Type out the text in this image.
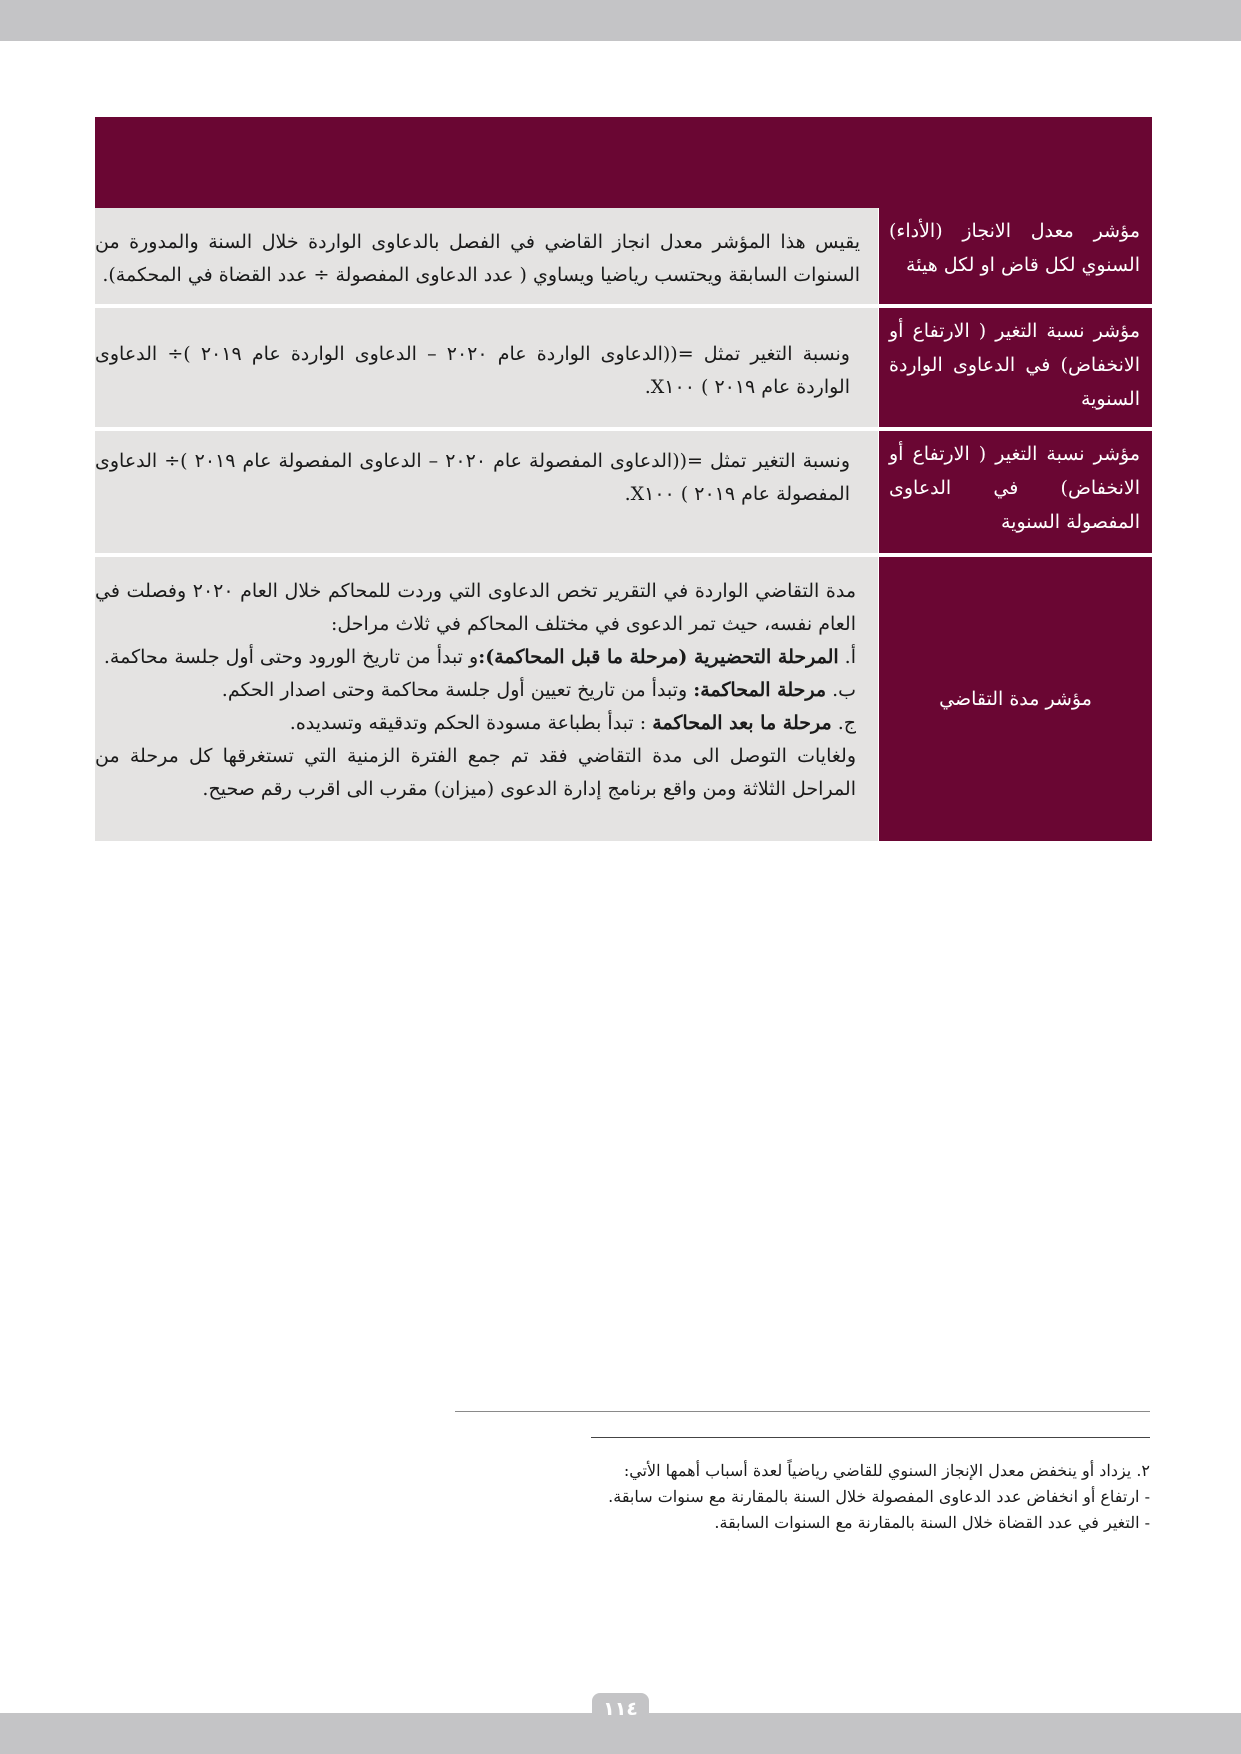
مؤشر معدل الانجاز (الأداء) السنوي لكل قاض او لكل هيئة

يقيس هذا المؤشر معدل انجاز القاضي في الفصل بالدعاوى الواردة خلال السنة والمدورة من السنوات السابقة ويحتسب رياضيا ويساوي ( عدد الدعاوى المفصولة ÷ عدد القضاة في المحكمة).

مؤشر نسبة التغير ( الارتفاع أو الانخفاض) في الدعاوى الواردة السنوية

ونسبة التغير تمثل =((الدعاوى الواردة عام ٢٠٢٠ – الدعاوى الواردة عام ٢٠١٩ )÷ الدعاوى الواردة عام ٢٠١٩ ) X١٠٠.

مؤشر نسبة التغير ( الارتفاع أو الانخفاض) في الدعاوى المفصولة السنوية

ونسبة التغير تمثل =((الدعاوى المفصولة عام ٢٠٢٠ – الدعاوى المفصولة عام ٢٠١٩ )÷ الدعاوى المفصولة عام ٢٠١٩ ) X١٠٠.

مؤشر مدة التقاضي

مدة التقاضي الواردة في التقرير تخص الدعاوى التي وردت للمحاكم خلال العام ٢٠٢٠ وفصلت في العام نفسه، حيث تمر الدعوى في مختلف المحاكم في ثلاث مراحل:

أ. المرحلة التحضيرية (مرحلة ما قبل المحاكمة):و تبدأ من تاريخ الورود وحتى أول جلسة محاكمة.

ب. مرحلة المحاكمة: وتبدأ من تاريخ تعيين أول جلسة محاكمة وحتى اصدار الحكم.

ج. مرحلة ما بعد المحاكمة : تبدأ بطباعة مسودة الحكم وتدقيقه وتسديده.

ولغايات التوصل الى مدة التقاضي فقد تم جمع الفترة الزمنية التي تستغرقها كل مرحلة من المراحل الثلاثة ومن واقع برنامج إدارة الدعوى (ميزان) مقرب الى اقرب رقم صحيح.

٢. يزداد أو ينخفض معدل الإنجاز السنوي للقاضي رياضياً لعدة أسباب أهمها الأتي:

- ارتفاع أو انخفاض عدد الدعاوى المفصولة خلال السنة بالمقارنة مع سنوات سابقة.

- التغير في عدد القضاة خلال السنة بالمقارنة مع السنوات السابقة.

١١٤
